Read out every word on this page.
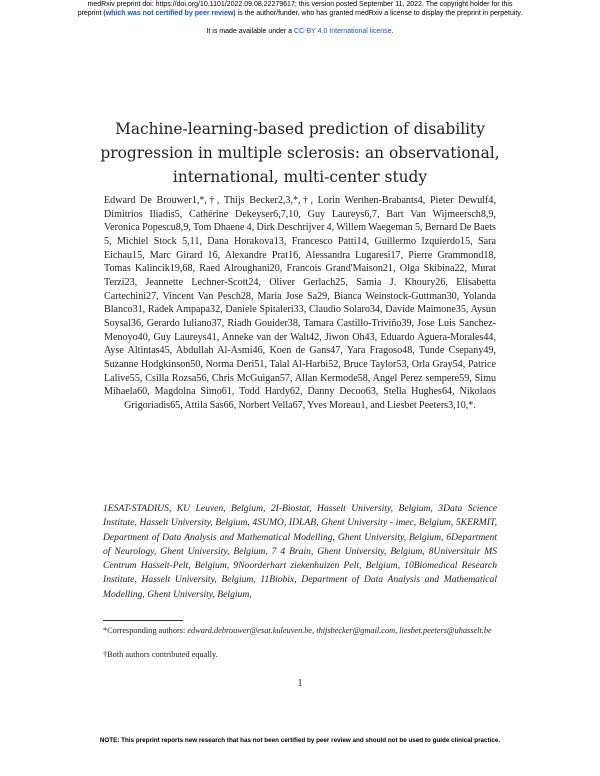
medRxiv preprint doi: https://doi.org/10.1101/2022.09.08.22279617; this version posted September 11, 2022. The copyright holder for this
preprint (which was not certified by peer review) is the author/funder, who has granted medRxiv a license to display the preprint in perpetuity.
It is made available under a CC-BY 4.0 International license.
Machine-learning-based prediction of disability progression in multiple sclerosis: an observational, international, multi-center study
Edward De Brouwer1,*,†, Thijs Becker2,3,*,†, Lorin Werthen-Brabants4, Pieter Dewulf4, Dimitrios Iliadis5, Cathérine Dekeyser6,7,10, Guy Laureys6,7, Bart Van Wijmeersch8,9, Veronica Popescu8,9, Tom Dhaene 4, Dirk Deschrijver 4, Willem Waegeman 5, Bernard De Baets 5, Michiel Stock 5,11, Dana Horakova13, Francesco Patti14, Guillermo Izquierdo15, Sara Eichau15, Marc Girard 16, Alexandre Prat16, Alessandra Lugaresi17, Pierre Grammond18, Tomas Kalincik19,68, Raed Alroughani20, Francois Grand'Maison21, Olga Skibina22, Murat Terzi23, Jeannette Lechner-Scott24, Oliver Gerlach25, Samia J. Khoury26, Elisabetta Cartechini27, Vincent Van Pesch28, Maria Jose Sa29, Bianca Weinstock-Guttman30, Yolanda Blanco31, Radek Ampapa32, Daniele Spitaleri33, Claudio Solaro34, Davide Maimone35, Aysun Soysal36, Gerardo Iuliano37, Riadh Gouider38, Tamara Castillo-Triviño39, Jose Luis Sanchez-Menoyo40, Guy Laureys41, Anneke van der Walt42, Jiwon Oh43, Eduardo Aguera-Morales44, Ayse Altintas45, Abdullah Al-Asmi46, Koen de Gans47, Yara Fragoso48, Tunde Csepany49, Suzanne Hodgkinson50, Norma Deri51, Talal Al-Harbi52, Bruce Taylor53, Orla Gray54, Patrice Lalive55, Csilla Rozsa56, Chris McGuigan57, Allan Kermode58, Angel Perez sempere59, Simu Mihaela60, Magdolna Simo61, Todd Hardy62, Danny Decoo63, Stella Hughes64, Nikolaos Grigoriadis65, Attila Sas66, Norbert Vella67, Yves Moreau1, and Liesbet Peeters3,10,*.
1ESAT-STADIUS, KU Leuven, Belgium, 2I-Biostat, Hasselt University, Belgium, 3Data Science Institute, Hasselt University, Belgium, 4SUMO, IDLAB, Ghent University - imec, Belgium, 5KERMIT, Department of Data Analysis and Mathematical Modelling, Ghent University, Belgium, 6Department of Neurology, Ghent University, Belgium, 7 4 Brain, Ghent University, Belgium, 8Universitair MS Centrum Hasselt-Pelt, Belgium, 9Noorderhart ziekenhuizen Pelt, Belgium, 10Biomedical Research Institute, Hasselt University, Belgium, 11Biobix, Department of Data Analysis and Mathematical Modelling, Ghent University, Belgium,
*Corresponding authors: edward.debrouwer@esat.kuleuven.be, thijsbecker@gmail.com, liesbet.peeters@uhasselt.be
†Both authors contributed equally.
1
NOTE: This preprint reports new research that has not been certified by peer review and should not be used to guide clinical practice.
